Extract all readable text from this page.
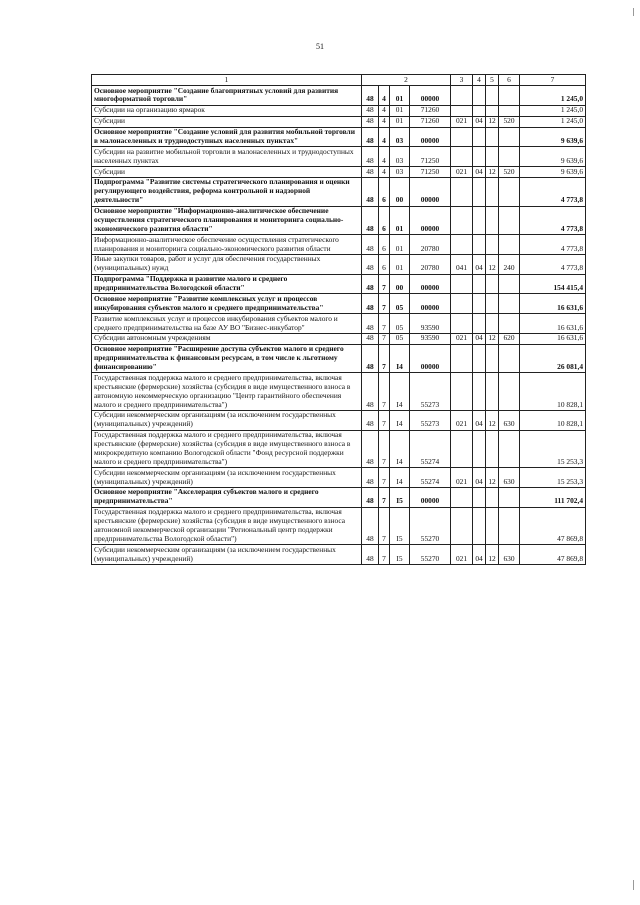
51
1	2				3	4	5	6	7
Основное мероприятие "Создание благоприятных условий для развития многоформатной торговли"	48	4	01	00000					1 245,0
Субсидии на организацию ярмарок	48	4	01	71260					1 245,0
Субсидии	48	4	01	71260	021	04	12	520	1 245,0
Основное мероприятие "Создание условий для развития мобильной торговли в малонаселенных и труднодоступных населенных пунктах"	48	4	03	00000					9 639,6
Субсидии на развитие мобильной торговли в малонаселенных и труднодоступных населенных пунктах	48	4	03	71250					9 639,6
Субсидии	48	4	03	71250	021	04	12	520	9 639,6
Подпрограмма "Развитие системы стратегического планирования и оценки регулирующего воздействия, реформа контрольной и надзорной деятельности"	48	6	00	00000					4 773,8
Основное мероприятие "Информационно-аналитическое обеспечение осуществления стратегического планирования и мониторинга социально-экономического развития области"	48	6	01	00000					4 773,8
Информационно-аналитическое обеспечение осуществления стратегического планирования и мониторинга социально-экономического развития области	48	6	01	20780					4 773,8
Иные закупки товаров, работ и услуг для обеспечения государственных (муниципальных) нужд	48	6	01	20780	041	04	12	240	4 773,8
Подпрограмма "Поддержка и развитие малого и среднего предпринимательства Вологодской области"	48	7	00	00000					154 415,4
Основное мероприятие "Развитие комплексных услуг и процессов инкубирования субъектов малого и среднего предпринимательства"	48	7	05	00000					16 631,6
Развитие комплексных услуг и процессов инкубирования субъектов малого и среднего предпринимательства на базе АУ ВО "Бизнес-инкубатор"	48	7	05	93590					16 631,6
Субсидии автономным учреждениям	48	7	05	93590	021	04	12	620	16 631,6
Основное мероприятие "Расширение доступа субъектов малого и среднего предпринимательства к финансовым ресурсам, в том числе к льготному финансированию"	48	7	I4	00000					26 081,4
Государственная поддержка малого и среднего предпринимательства, включая крестьянские (фермерские) хозяйства (субсидия в виде имущественного взноса в автономную некоммерческую организацию "Центр гарантийного обеспечения малого и среднего предпринимательства")	48	7	I4	55273					10 828,1
Субсидии некоммерческим организациям (за исключением государственных (муниципальных) учреждений)	48	7	I4	55273	021	04	12	630	10 828,1
Государственная поддержка малого и среднего предпринимательства, включая крестьянские (фермерские) хозяйства (субсидия в виде имущественного взноса в микрокредитную компанию Вологодской области "Фонд ресурсной поддержки малого и среднего предпринимательства")	48	7	I4	55274					15 253,3
Субсидии некоммерческим организациям (за исключением государственных (муниципальных) учреждений)	48	7	I4	55274	021	04	12	630	15 253,3
Основное мероприятие "Акселерация субъектов малого и среднего предпринимательства"	48	7	I5	00000					111 702,4
Государственная поддержка малого и среднего предпринимательства, включая крестьянские (фермерские) хозяйства (субсидия в виде имущественного взноса автономной некоммерческой организации "Региональный центр поддержки предпринимательства Вологодской области")	48	7	I5	55270					47 869,8
Субсидии некоммерческим организациям (за исключением государственных (муниципальных) учреждений)	48	7	I5	55270	021	04	12	630	47 869,8
